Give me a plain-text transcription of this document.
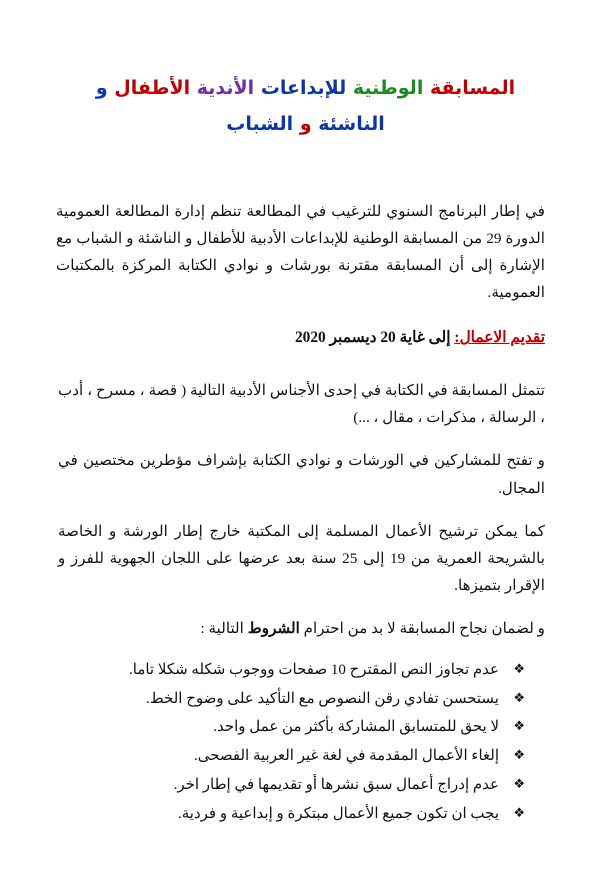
المسابقة الوطنية للإبداعات الأندية الأطفال و
الناشئة و الشباب

في إطار البرنامج السنوي للترغيب في المطالعة تنظم إدارة المطالعة العمومية الدورة 29 من المسابقة الوطنية للإبداعات الأدبية للأطفال و الناشئة و الشباب مع الإشارة إلى أن المسابقة مقترنة بورشات و نوادي الكتابة المركزة بالمكتبات العمومية.

تقديم الاعمال: إلى غاية 20 ديسمبر 2020

تتمثل المسابقة في الكتابة في إحدى الأجناس الأدبية التالية ( قصة ، مسرح ، أدب ، الرسالة ، مذكرات ، مقال ، ...)

و تفتح للمشاركين في الورشات و نوادي الكتابة بإشراف مؤطرين مختصين في المجال.

كما يمكن ترشيح الأعمال المسلمة إلى المكتبة خارج إطار الورشة و الخاصة بالشريحة العمرية من 19 إلى 25 سنة بعد عرضها على اللجان الجهوية للفرز و الإقرار بتميزها.

و لضمان نجاح المسابقة لا بد من احترام الشروط التالية :

❖
عدم تجاوز النص المقترح 10 صفحات ووجوب شكله شكلا تاما.
❖
يستحسن تفادي رقن النصوص مع التأكيد على وضوح الخط.
❖
لا يحق للمتسابق المشاركة بأكثر من عمل واحد.
❖
إلغاء الأعمال المقدمة في لغة غير العربية الفصحى.
❖
عدم إدراج أعمال سبق نشرها أو تقديمها في إطار اخر.
❖
يجب ان تكون جميع الأعمال مبتكرة و إبداعية و فردية.
